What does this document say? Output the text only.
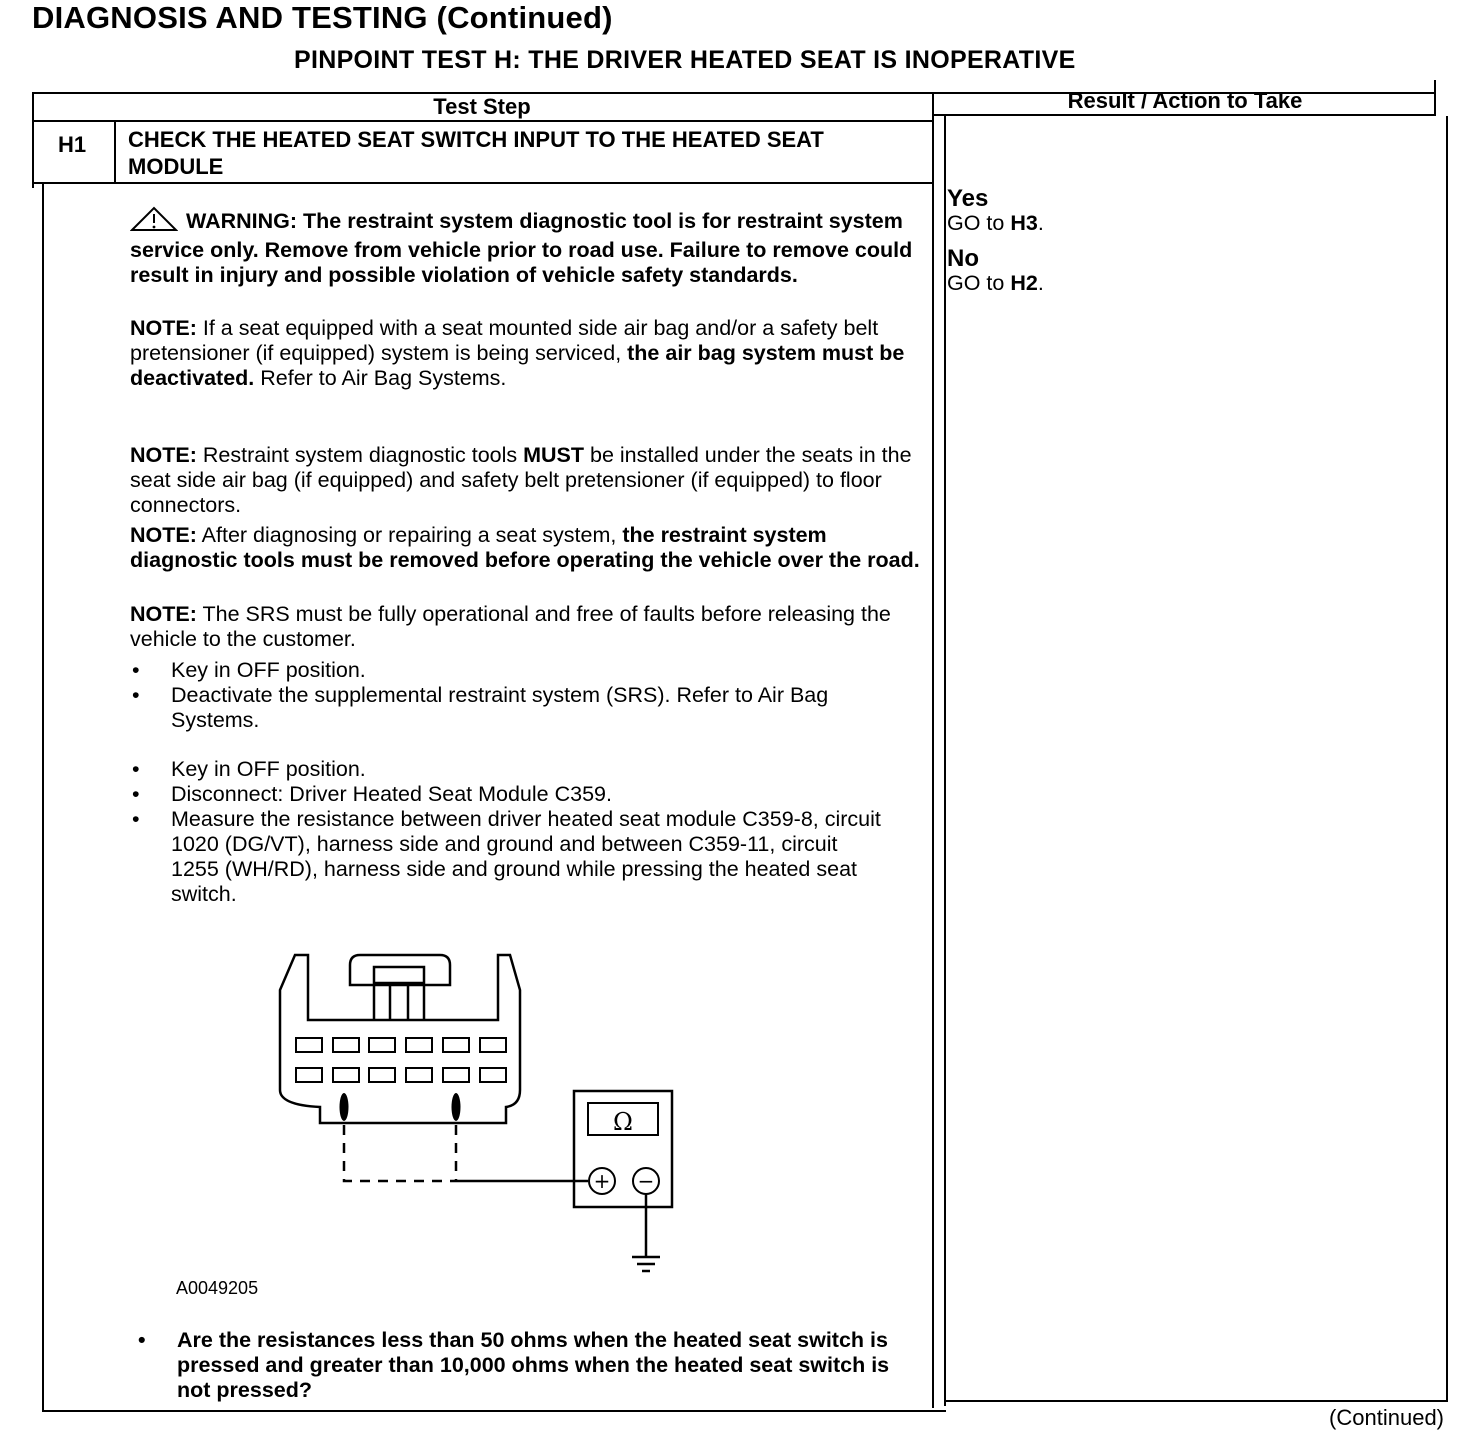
DIAGNOSIS AND TESTING (Continued)
PINPOINT TEST H: THE DRIVER HEATED SEAT IS INOPERATIVE
Test Step	Result / Action to Take
H1 CHECK THE HEATED SEAT SWITCH INPUT TO THE HEATED SEAT MODULE
WARNING: The restraint system diagnostic tool is for restraint system service only. Remove from vehicle prior to road use. Failure to remove could result in injury and possible violation of vehicle safety standards.
NOTE: If a seat equipped with a seat mounted side air bag and/or a safety belt pretensioner (if equipped) system is being serviced, the air bag system must be deactivated. Refer to Air Bag Systems.
NOTE: Restraint system diagnostic tools MUST be installed under the seats in the seat side air bag (if equipped) and safety belt pretensioner (if equipped) to floor connectors.
NOTE: After diagnosing or repairing a seat system, the restraint system diagnostic tools must be removed before operating the vehicle over the road.
NOTE: The SRS must be fully operational and free of faults before releasing the vehicle to the customer.
• Key in OFF position.
• Deactivate the supplemental restraint system (SRS). Refer to Air Bag Systems.
• Key in OFF position.
• Disconnect: Driver Heated Seat Module C359.
• Measure the resistance between driver heated seat module C359-8, circuit 1020 (DG/VT), harness side and ground and between C359-11, circuit 1255 (WH/RD), harness side and ground while pressing the heated seat switch.
Ω
+ −
A0049205
• Are the resistances less than 50 ohms when the heated seat switch is pressed and greater than 10,000 ohms when the heated seat switch is not pressed?
Yes
GO to H3.
No
GO to H2.
(Continued)
